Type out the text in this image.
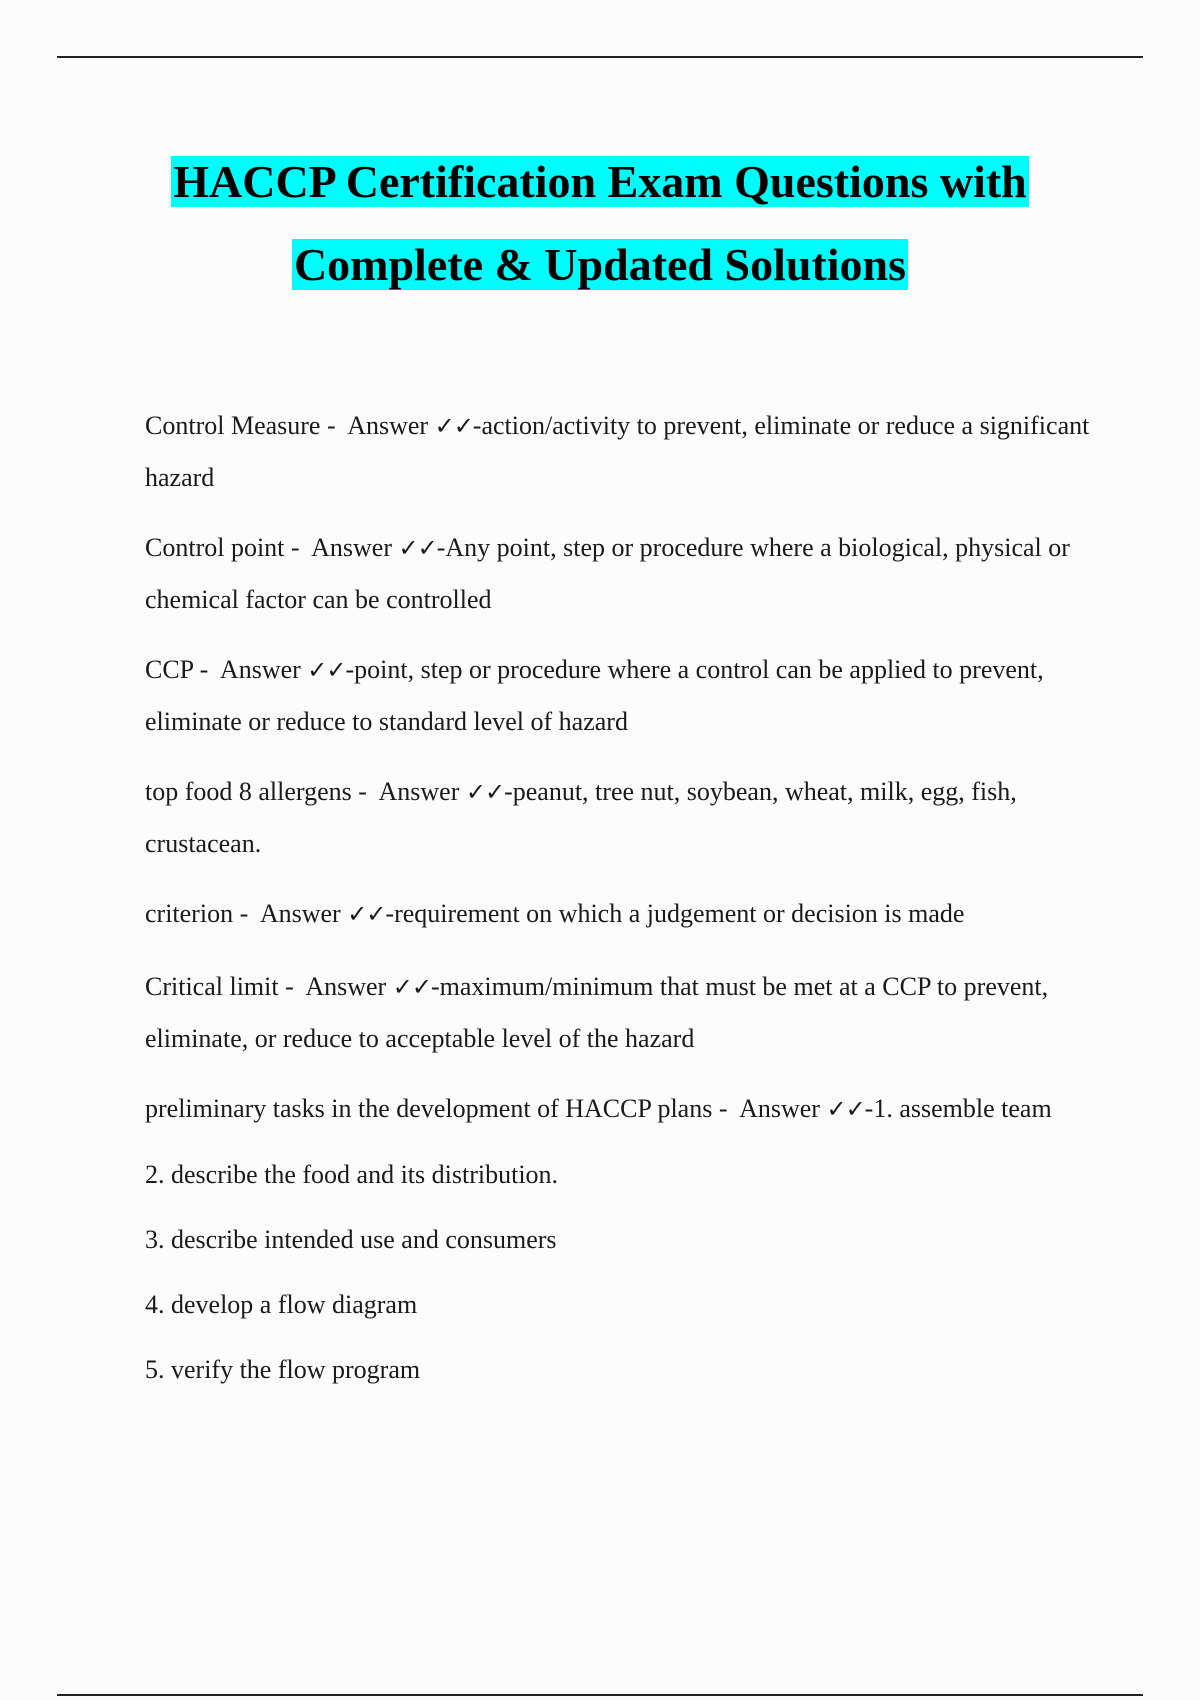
HACCP Certification Exam Questions with
Complete & Updated Solutions

Control Measure - Answer ✓✓-action/activity to prevent, eliminate or reduce a significant hazard

Control point - Answer ✓✓-Any point, step or procedure where a biological, physical or chemical factor can be controlled

CCP - Answer ✓✓-point, step or procedure where a control can be applied to prevent, eliminate or reduce to standard level of hazard

top food 8 allergens - Answer ✓✓-peanut, tree nut, soybean, wheat, milk, egg, fish, crustacean.

criterion - Answer ✓✓-requirement on which a judgement or decision is made

Critical limit - Answer ✓✓-maximum/minimum that must be met at a CCP to prevent, eliminate, or reduce to acceptable level of the hazard

preliminary tasks in the development of HACCP plans - Answer ✓✓-1. assemble team

2. describe the food and its distribution.

3. describe intended use and consumers

4. develop a flow diagram

5. verify the flow program
